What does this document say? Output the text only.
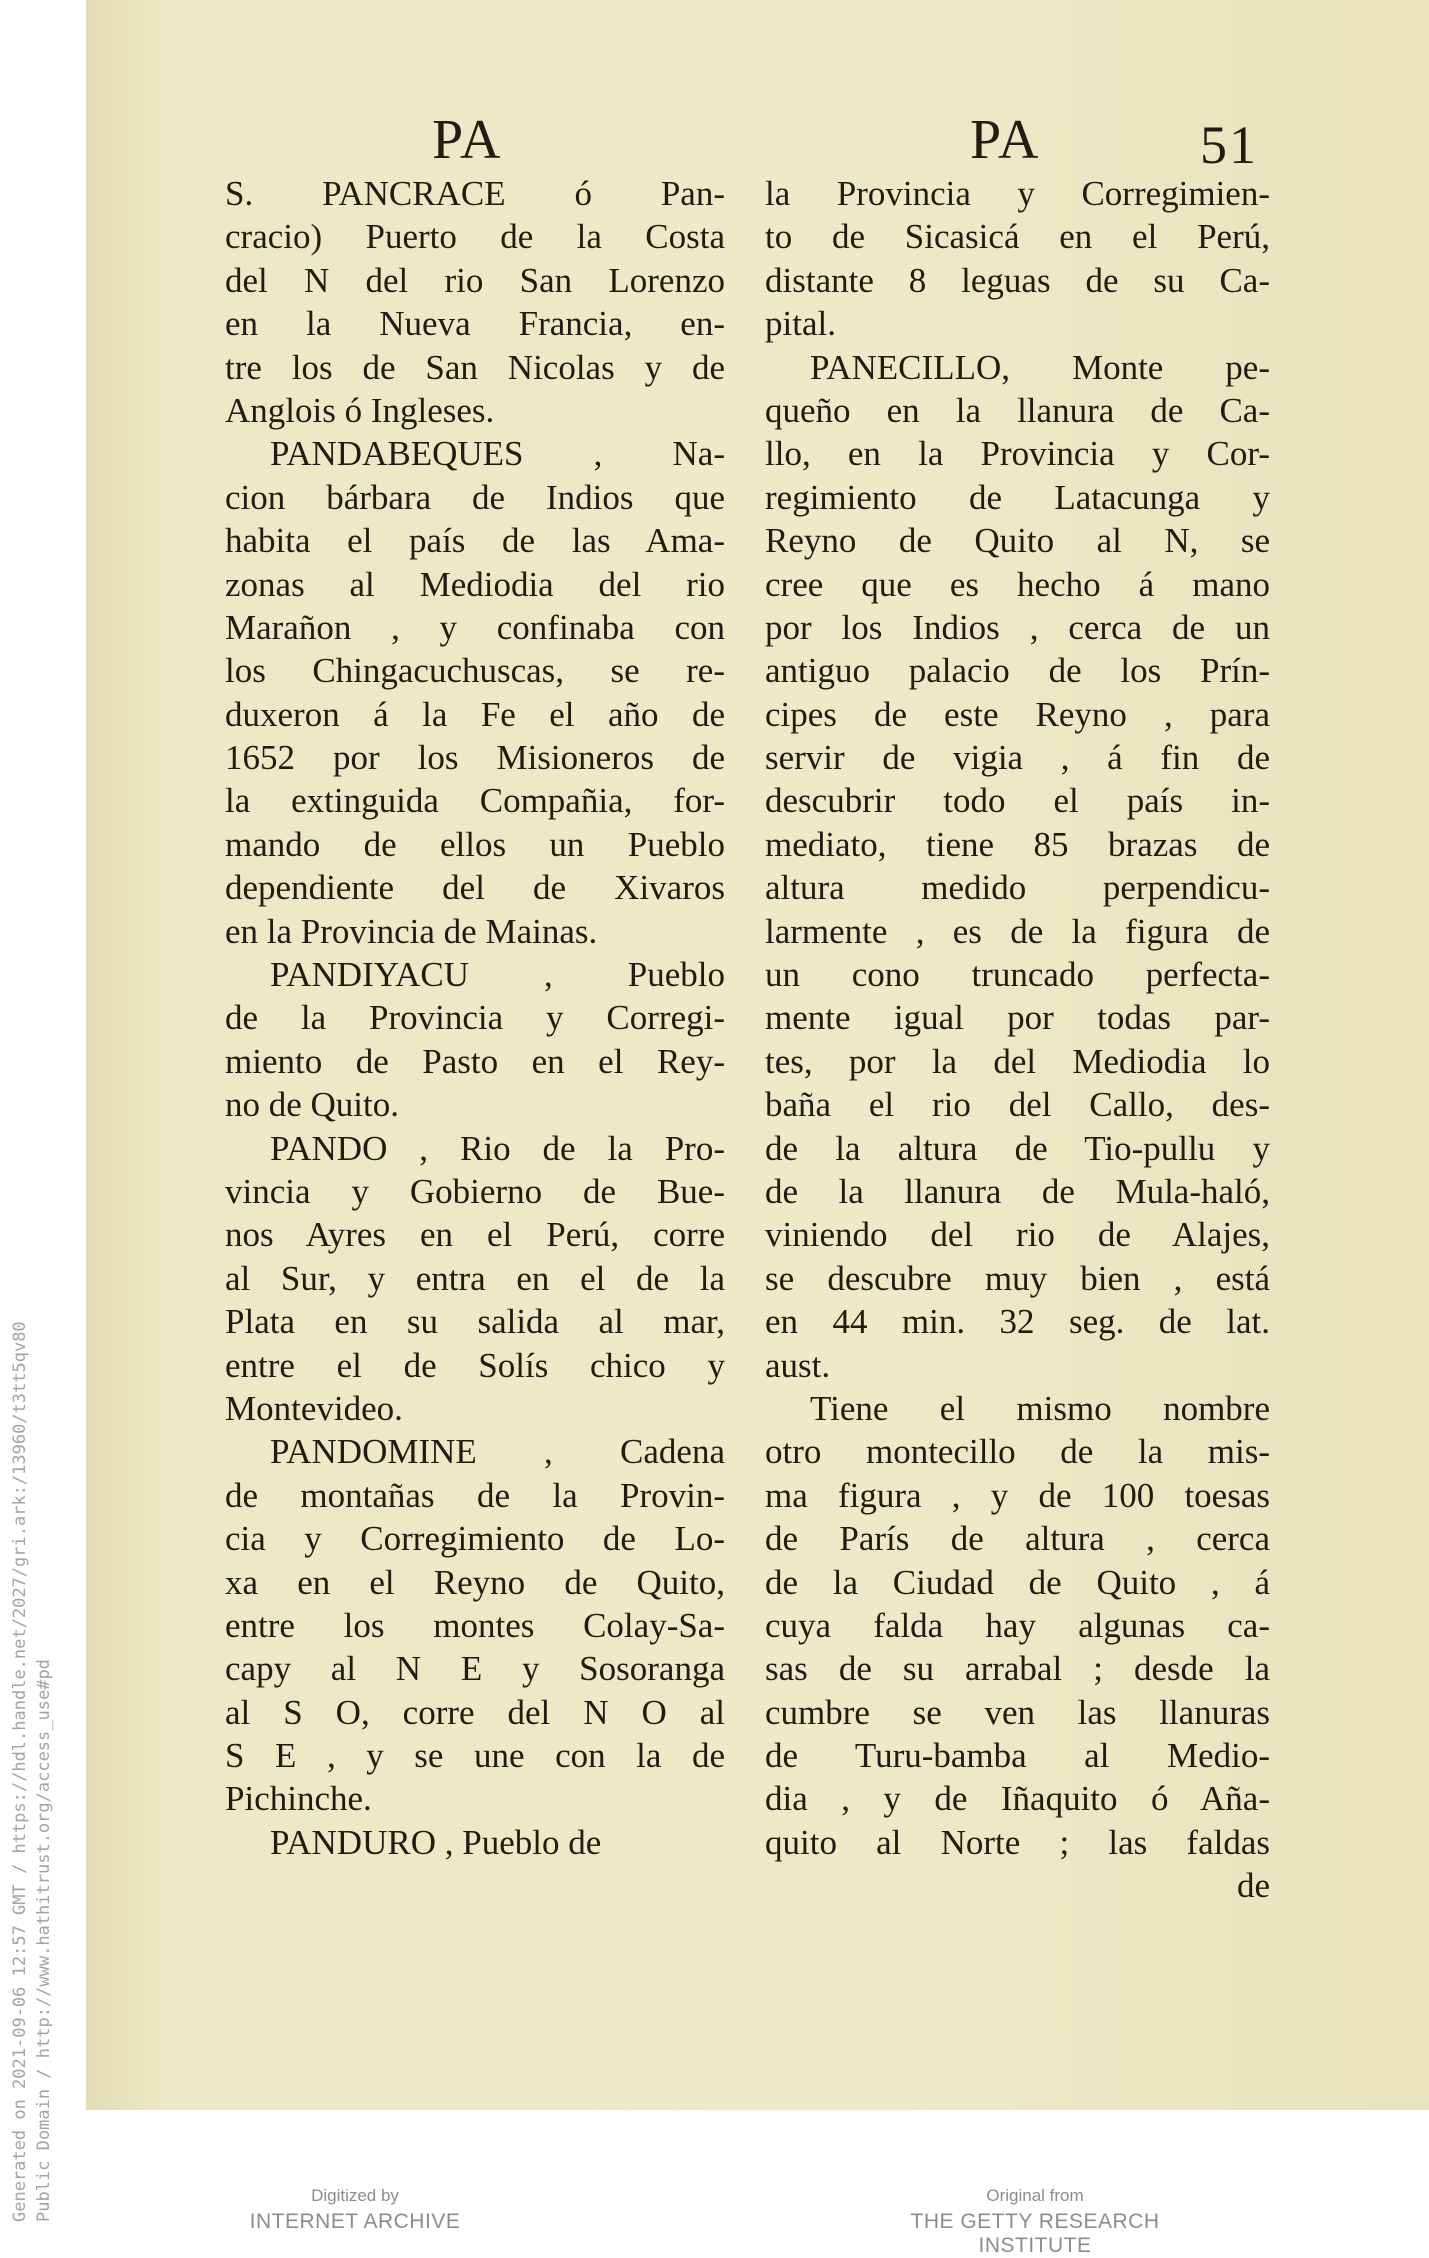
PA	PA	51
S. PANCRACE ó Pan-
cracio) Puerto de la Costa
del N del rio San Lorenzo
en la Nueva Francia, en-
tre los de San Nicolas y de
Anglois ó Ingleses.
PANDABEQUES , Na-
cion bárbara de Indios que
habita el país de las Ama-
zonas al Mediodia del rio
Marañon , y confinaba con
los Chingacuchuscas, se re-
duxeron á la Fe el año de
1652 por los Misioneros de
la extinguida Compañia, for-
mando de ellos un Pueblo
dependiente del de Xivaros
en la Provincia de Mainas.
PANDIYACU , Pueblo
de la Provincia y Corregi-
miento de Pasto en el Rey-
no de Quito.
PANDO , Rio de la Pro-
vincia y Gobierno de Bue-
nos Ayres en el Perú, corre
al Sur, y entra en el de la
Plata en su salida al mar,
entre el de Solís chico y
Montevideo.
PANDOMINE , Cadena
de montañas de la Provin-
cia y Corregimiento de Lo-
xa en el Reyno de Quito,
entre los montes Colay-Sa-
capy al N E y Sosoranga
al S O, corre del N O al
S E , y se une con la de
Pichinche.
PANDURO , Pueblo de
la Provincia y Corregimien-
to de Sicasicá en el Perú,
distante 8 leguas de su Ca-
pital.
PANECILLO, Monte pe-
queño en la llanura de Ca-
llo, en la Provincia y Cor-
regimiento de Latacunga y
Reyno de Quito al N, se
cree que es hecho á mano
por los Indios , cerca de un
antiguo palacio de los Prín-
cipes de este Reyno , para
servir de vigia , á fin de
descubrir todo el país in-
mediato, tiene 85 brazas de
altura medido perpendicu-
larmente , es de la figura de
un cono truncado perfecta-
mente igual por todas par-
tes, por la del Mediodia lo
baña el rio del Callo, des-
de la altura de Tio-pullu y
de la llanura de Mula-haló,
viniendo del rio de Alajes,
se descubre muy bien , está
en 44 min. 32 seg. de lat.
aust.
Tiene el mismo nombre
otro montecillo de la mis-
ma figura , y de 100 toesas
de París de altura , cerca
de la Ciudad de Quito , á
cuya falda hay algunas ca-
sas de su arrabal ; desde la
cumbre se ven las llanuras
de Turu-bamba al Medio-
dia , y de Iñaquito ó Aña-
quito al Norte ; las faldas
de
Generated on 2021-09-06 12:57 GMT / https://hdl.handle.net/2027/gri.ark:/13960/t3tt5qv80 Public Domain / http://www.hathitrust.org/access_use#pd	Digitized by
INTERNET ARCHIVE
Original from
THE GETTY RESEARCH INSTITUTE
